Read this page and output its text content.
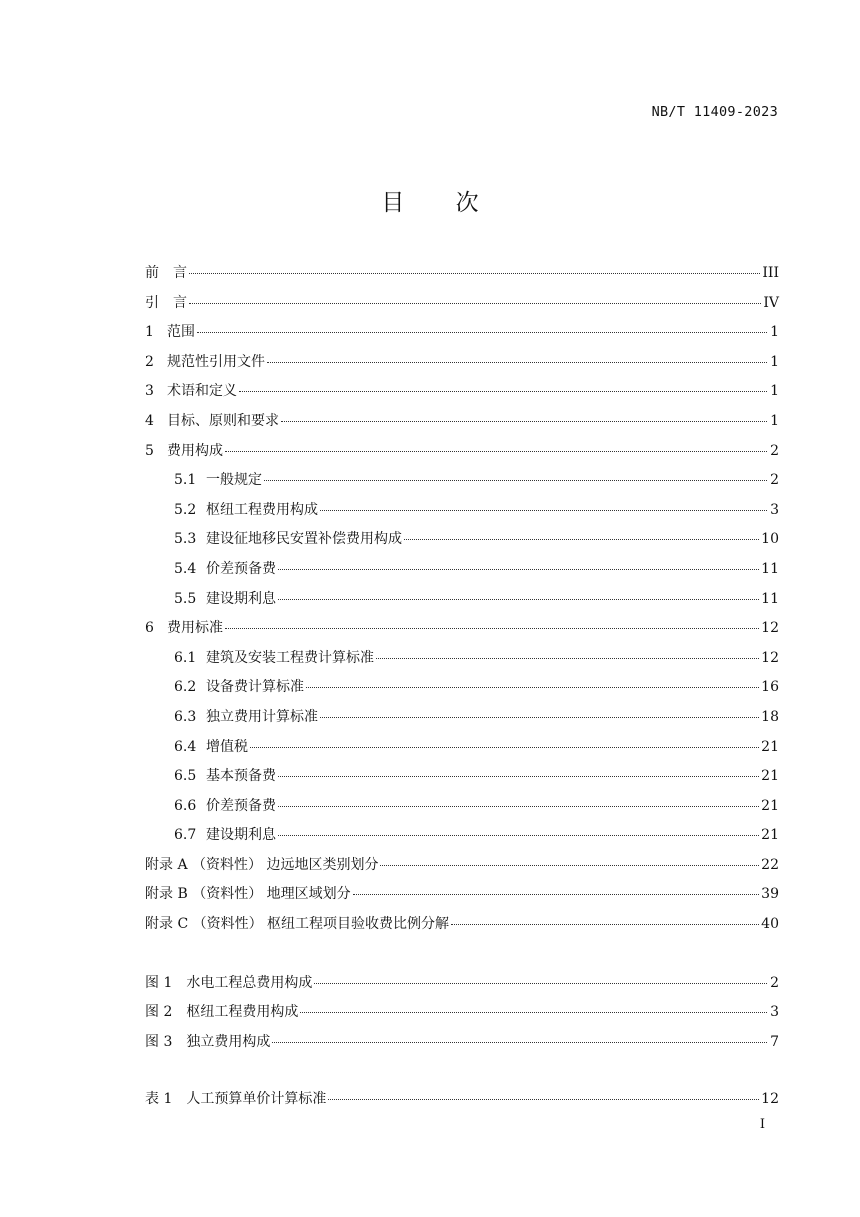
NB/T 11409-2023
目 次
前　言	III
引　言	IV
1 范围	1
2 规范性引用文件	1
3 术语和定义	1
4 目标、原则和要求	1
5 费用构成	2
5.1 一般规定	2
5.2 枢纽工程费用构成	3
5.3 建设征地移民安置补偿费用构成	10
5.4 价差预备费	11
5.5 建设期利息	11
6 费用标准	12
6.1 建筑及安装工程费计算标准	12
6.2 设备费计算标准	16
6.3 独立费用计算标准	18
6.4 增值税	21
6.5 基本预备费	21
6.6 价差预备费	21
6.7 建设期利息	21
附录 A （资料性） 边远地区类别划分	22
附录 B （资料性） 地理区域划分	39
附录 C （资料性） 枢纽工程项目验收费比例分解	40
图 1　水电工程总费用构成	2
图 2　枢纽工程费用构成	3
图 3　独立费用构成	7
表 1　人工预算单价计算标准	12
I
